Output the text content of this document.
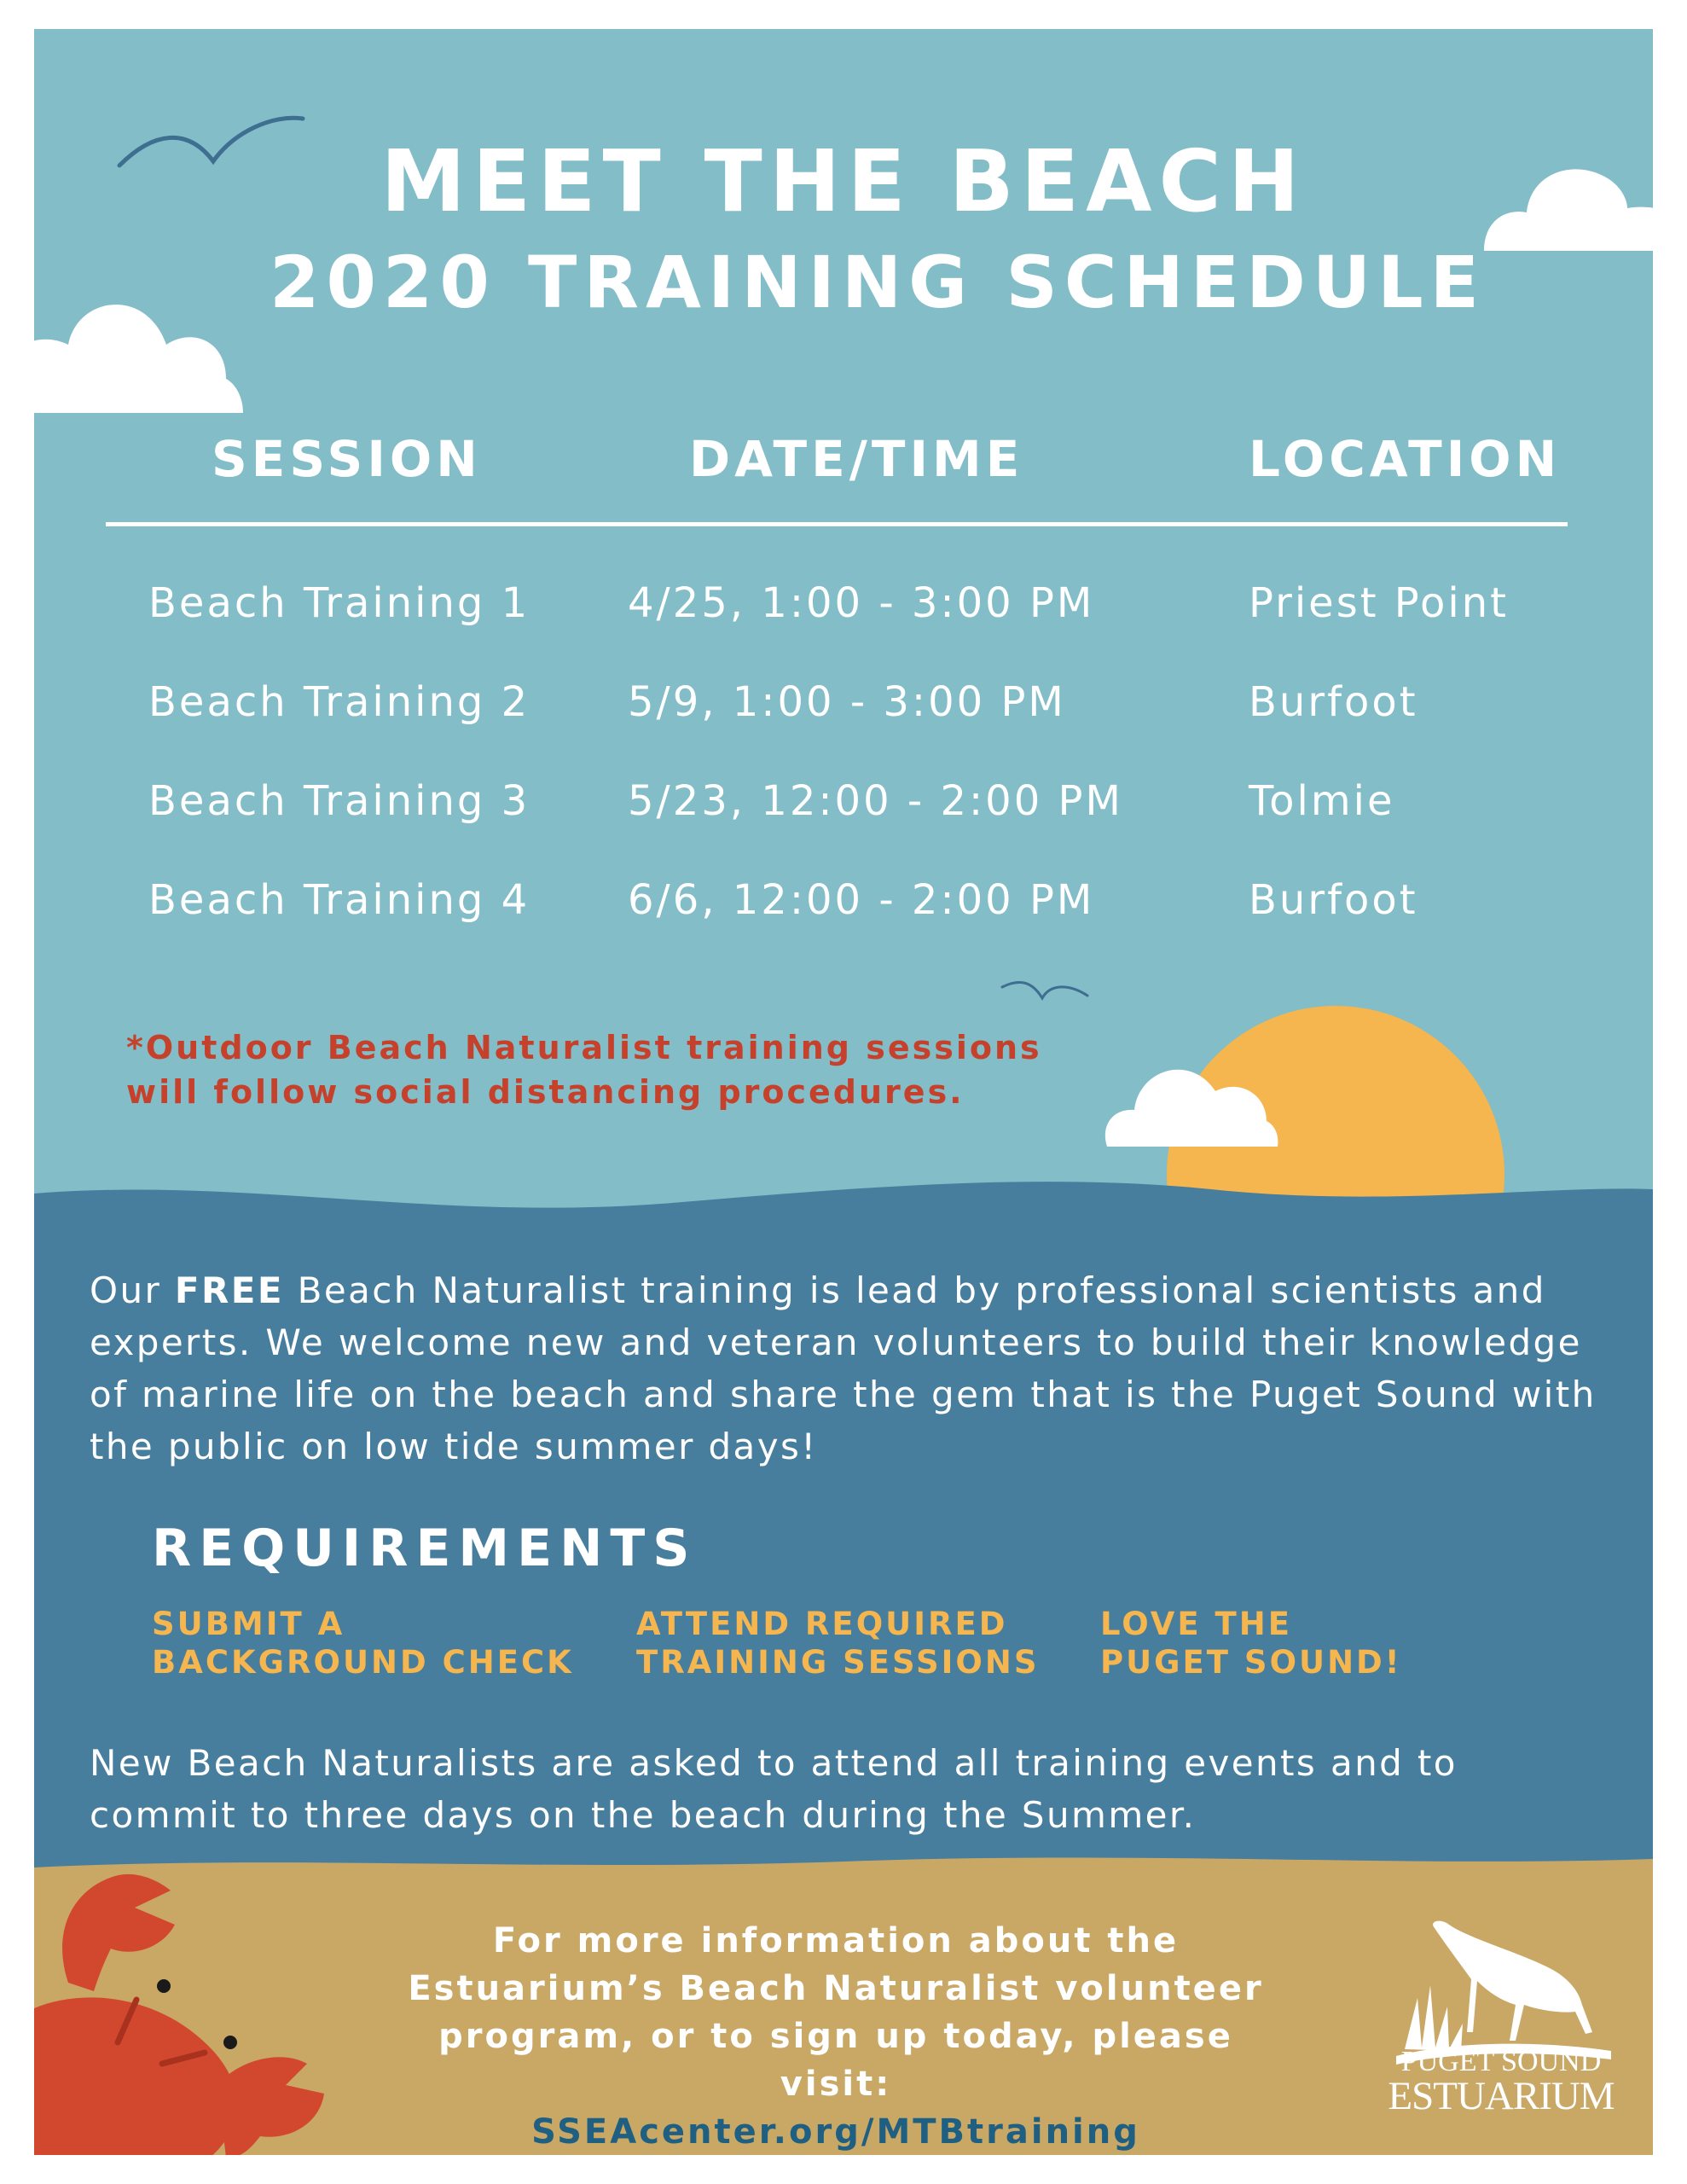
MEET THE BEACH
2020 TRAINING SCHEDULE
SESSION	DATE/TIME	LOCATION
Beach Training 1 4/25, 1:00 - 3:00 PM	Priest Point
Beach Training 2 5/9, 1:00 - 3:00 PM	Burfoot
Beach Training 3 5/23, 12:00 - 2:00 PM	Tolmie
Beach Training 4 6/6, 12:00 - 2:00 PM	Burfoot

*Outdoor Beach Naturalist training sessions
will follow social distancing procedures.

Our FREE Beach Naturalist training is lead by professional scientists and experts. We welcome new and veteran volunteers to build their knowledge of marine life on the beach and share the gem that is the Puget Sound with the public on low tide summer days!

REQUIREMENTS

SUBMIT A
BACKGROUND CHECK

ATTEND REQUIRED
TRAINING SESSIONS

LOVE THE
PUGET SOUND!

New Beach Naturalists are asked to attend all training events and to commit to three days on the beach during the Summer.

For more information about the
Estuarium’s Beach Naturalist volunteer
program, or to sign up today, please visit:
SSEAcenter.org/MTBtraining

PUGET SOUND

ESTUARIUM
